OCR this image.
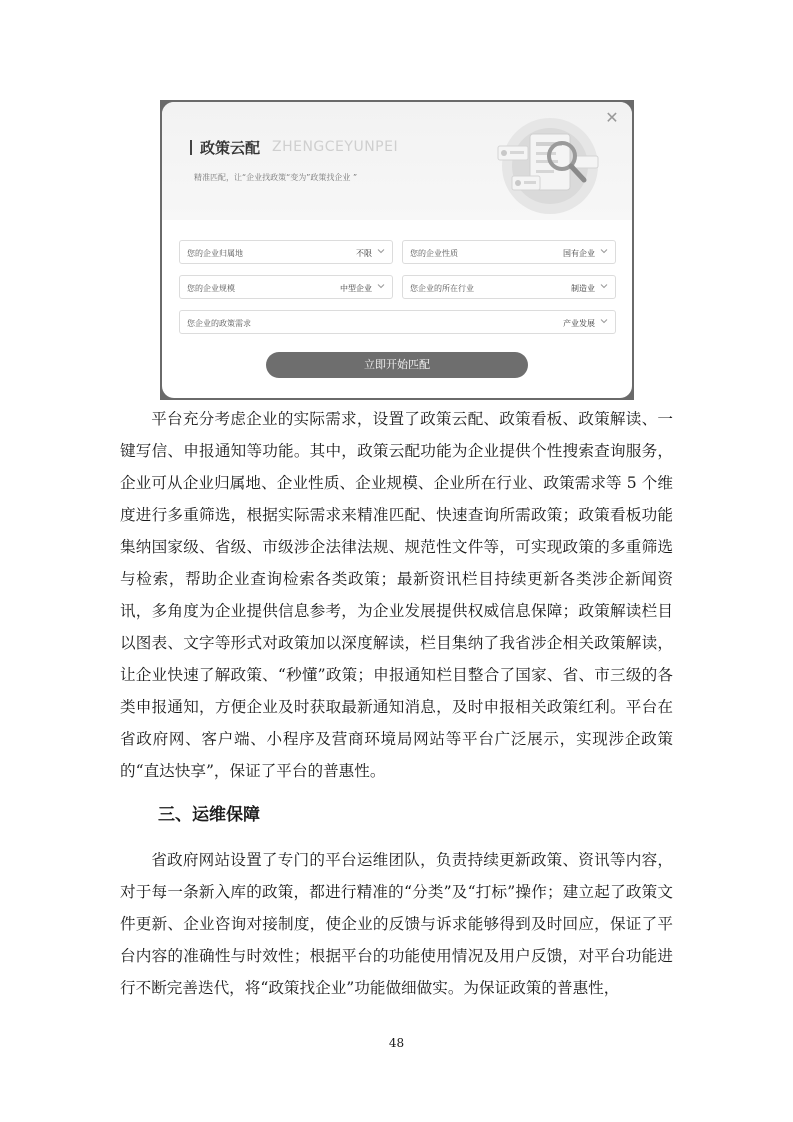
政策云配 ZHENGCEYUNPEI
精准匹配，让“企业找政策“变为”政策找企业 ”
✕
您的企业归属地	不限	您的企业性质	国有企业
您的企业规模	中型企业	您企业的所在行业	制造业
您企业的政策需求	产业发展
立即开始匹配

平台充分考虑企业的实际需求，设置了政策云配、政策看板、政策解读、一键写信、申报通知等功能。其中，政策云配功能为企业提供个性搜索查询服务，企业可从企业归属地、企业性质、企业规模、企业所在行业、政策需求等 5 个维度进行多重筛选，根据实际需求来精准匹配、快速查询所需政策；政策看板功能集纳国家级、省级、市级涉企法律法规、规范性文件等，可实现政策的多重筛选与检索，帮助企业查询检索各类政策；最新资讯栏目持续更新各类涉企新闻资讯，多角度为企业提供信息参考，为企业发展提供权威信息保障；政策解读栏目以图表、文字等形式对政策加以深度解读，栏目集纳了我省涉企相关政策解读，让企业快速了解政策、“秒懂”政策；申报通知栏目整合了国家、省、市三级的各类申报通知，方便企业及时获取最新通知消息，及时申报相关政策红利。平台在省政府网、客户端、小程序及营商环境局网站等平台广泛展示，实现涉企政策的“直达快享”，保证了平台的普惠性。

三、运维保障

省政府网站设置了专门的平台运维团队，负责持续更新政策、资讯等内容，对于每一条新入库的政策，都进行精准的“分类”及“打标”操作；建立起了政策文件更新、企业咨询对接制度，使企业的反馈与诉求能够得到及时回应，保证了平台内容的准确性与时效性；根据平台的功能使用情况及用户反馈，对平台功能进行不断完善迭代，将“政策找企业”功能做细做实。为保证政策的普惠性，

48
